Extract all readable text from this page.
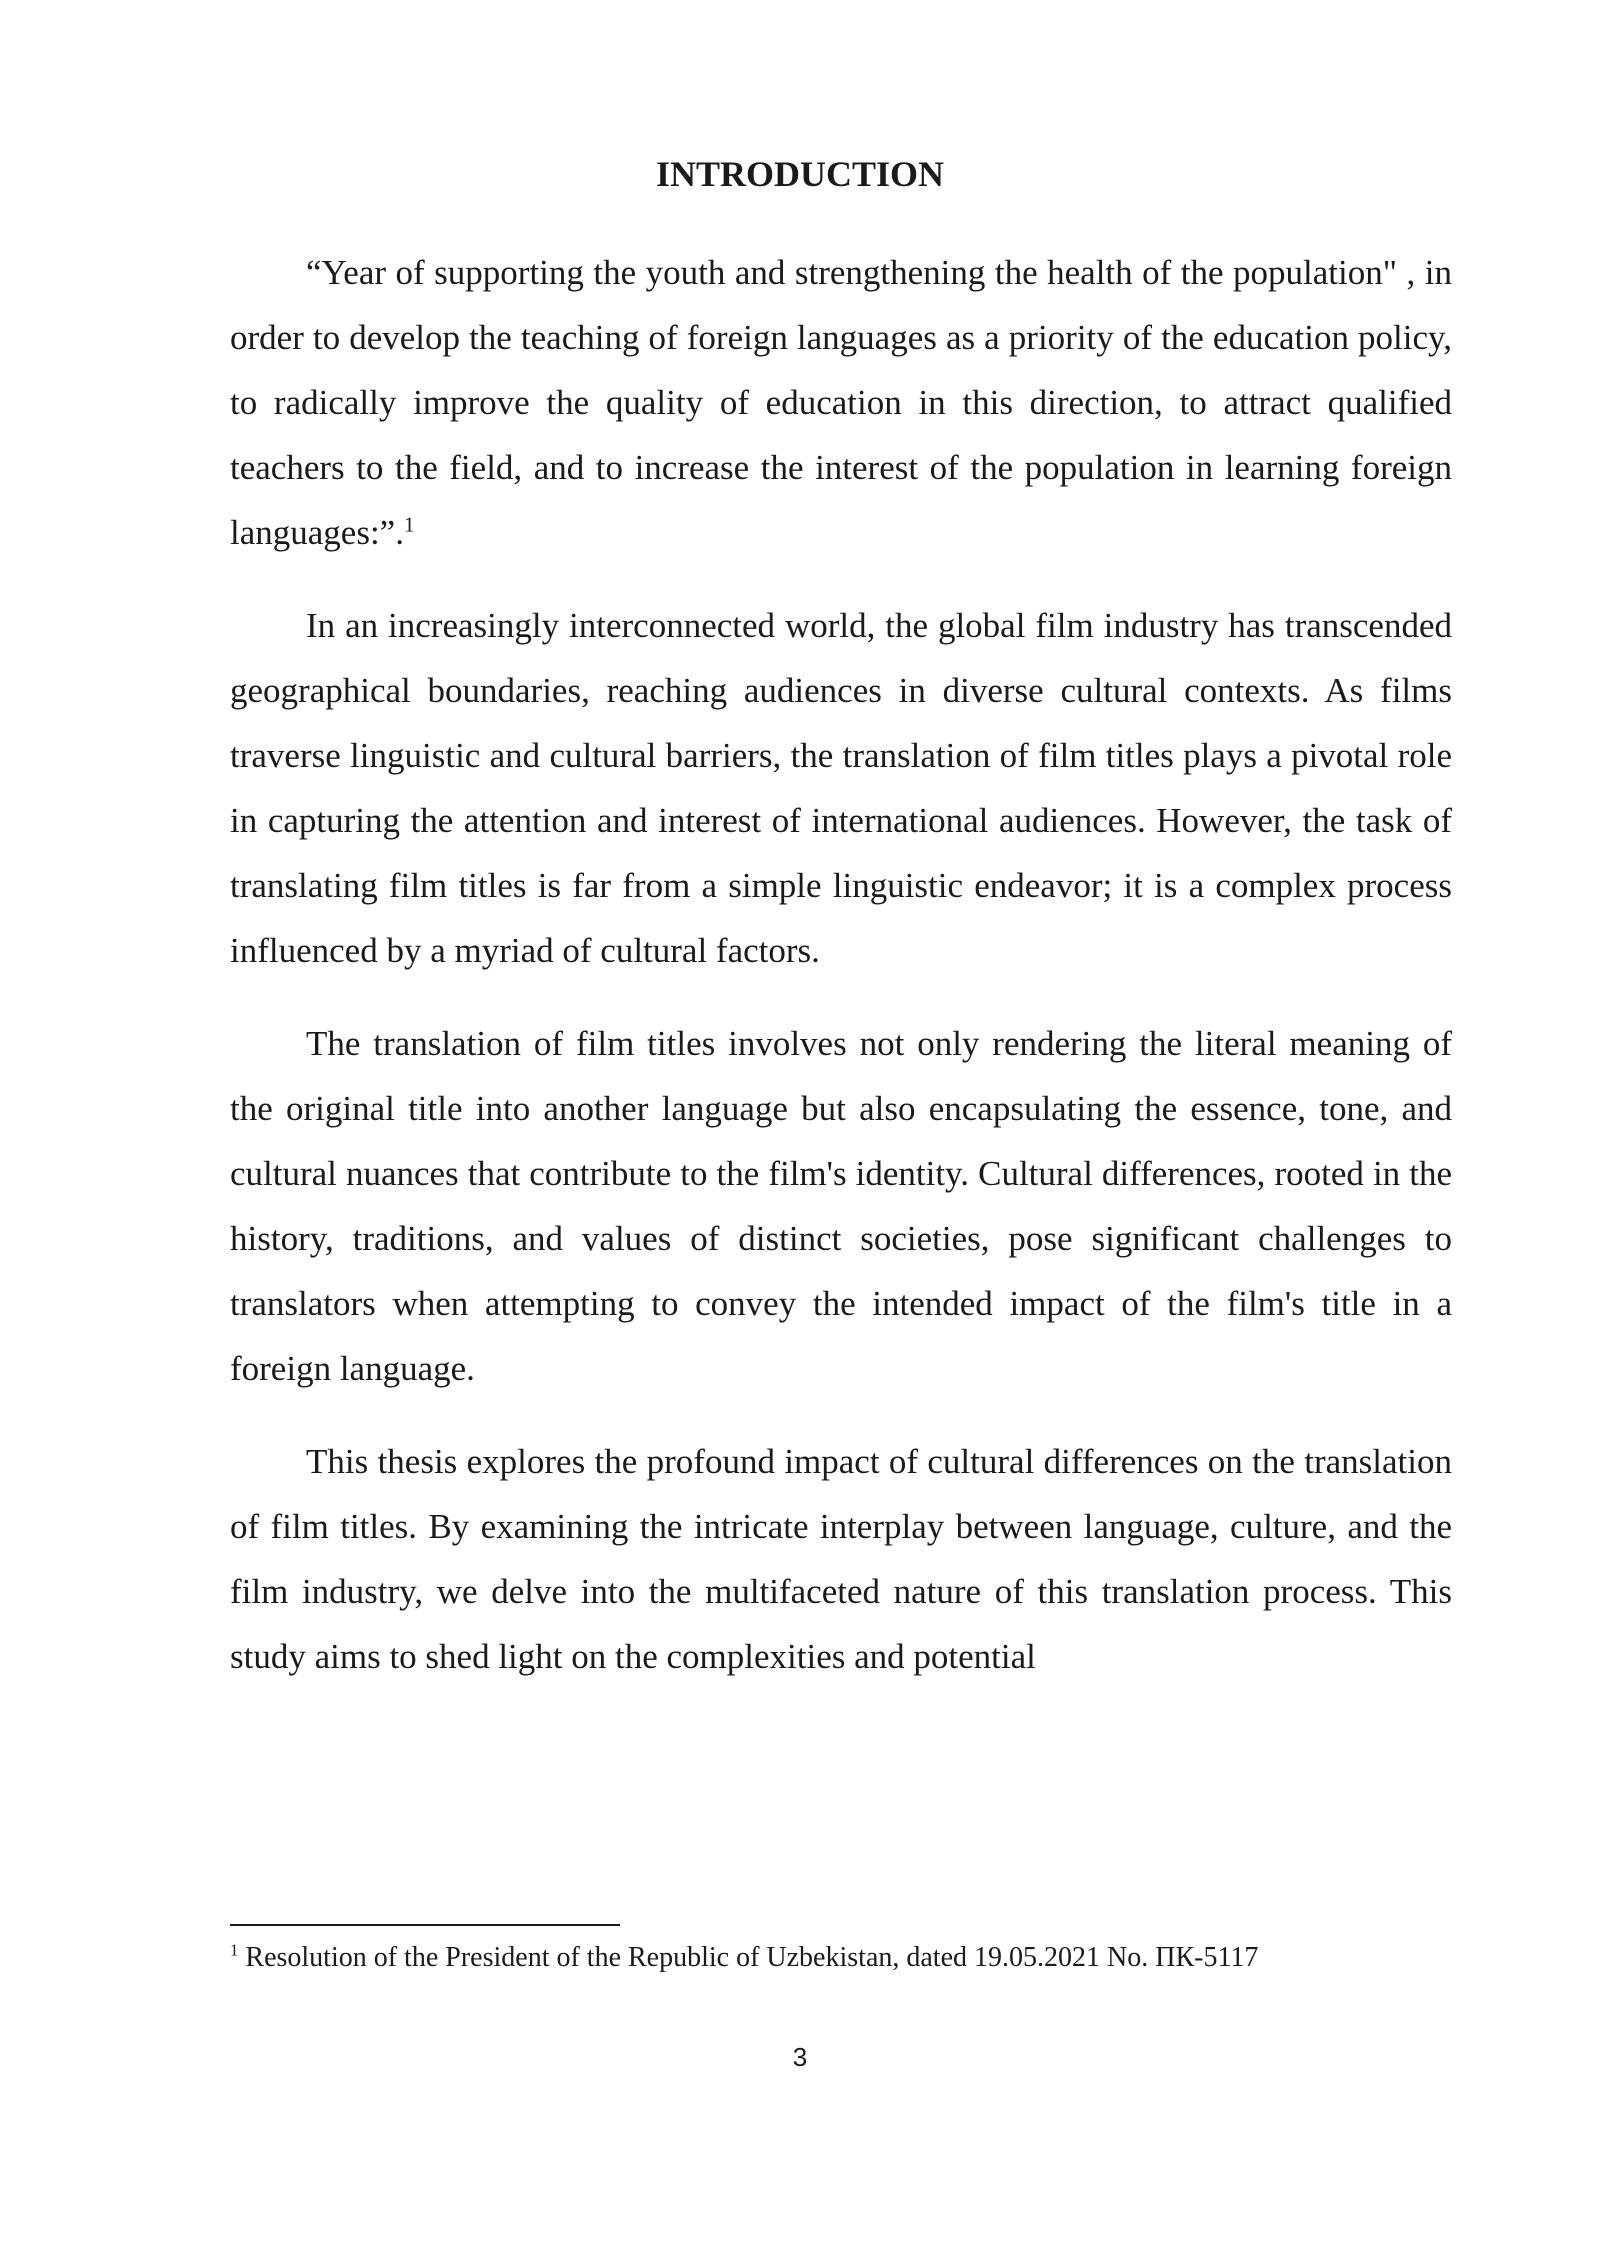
INTRODUCTION

“Year of supporting the youth and strengthening the health of the population" , in order to develop the teaching of foreign languages as a priority of the education policy, to radically improve the quality of education in this direction, to attract qualified teachers to the field, and to increase the interest of the population in learning foreign languages:”.$^1$

In an increasingly interconnected world, the global film industry has transcended geographical boundaries, reaching audiences in diverse cultural contexts. As films traverse linguistic and cultural barriers, the translation of film titles plays a pivotal role in capturing the attention and interest of international audiences. However, the task of translating film titles is far from a simple linguistic endeavor; it is a complex process influenced by a myriad of cultural factors.

The translation of film titles involves not only rendering the literal meaning of the original title into another language but also encapsulating the essence, tone, and cultural nuances that contribute to the film's identity. Cultural differences, rooted in the history, traditions, and values of distinct societies, pose significant challenges to translators when attempting to convey the intended impact of the film's title in a foreign language.

This thesis explores the profound impact of cultural differences on the translation of film titles. By examining the intricate interplay between language, culture, and the film industry, we delve into the multifaceted nature of this translation process. This study aims to shed light on the complexities and potential

$^1$ Resolution of the President of the Republic of Uzbekistan, dated 19.05.2021 No. ПК-5117

3
